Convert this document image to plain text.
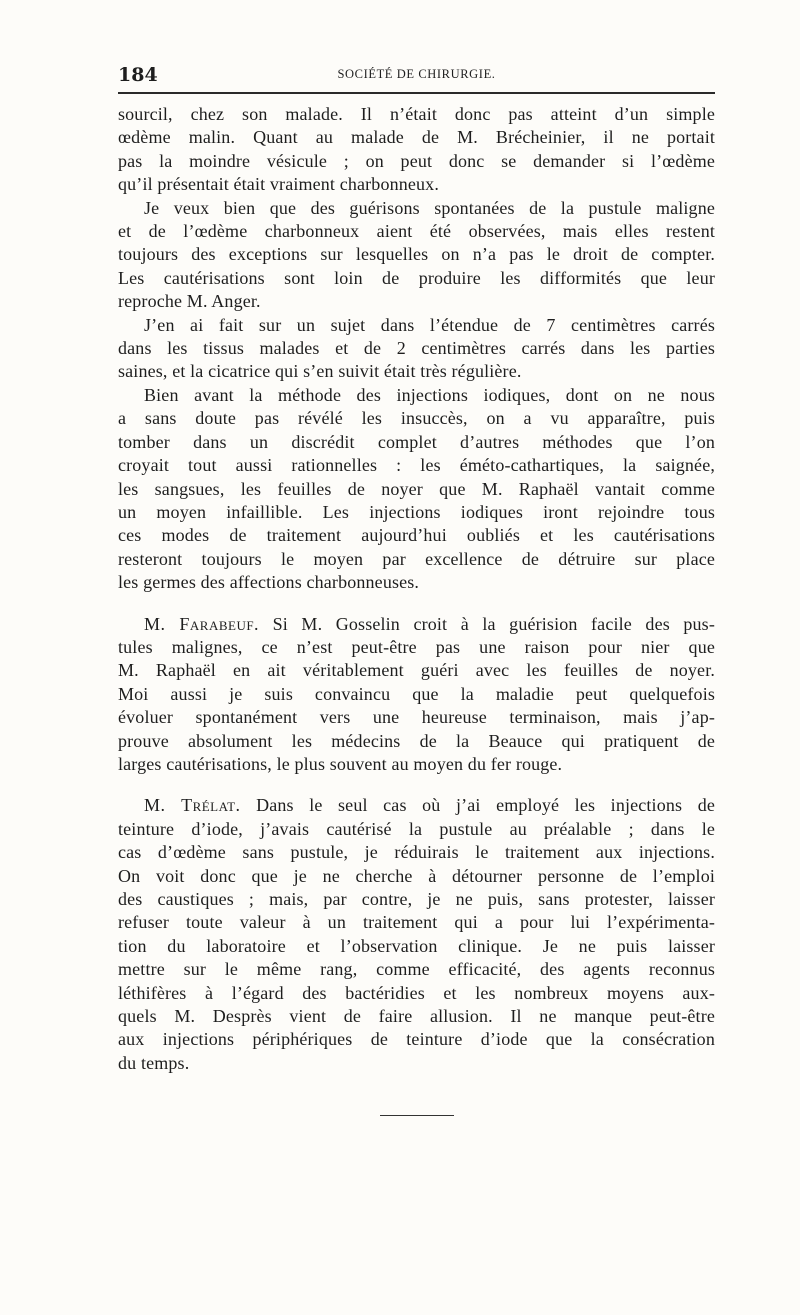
184	SOCIÉTÉ DE CHIRURGIE.

sourcil, chez son malade. Il n’était donc pas atteint d’un simple
œdème malin. Quant au malade de M. Brécheinier, il ne portait
pas la moindre vésicule ; on peut donc se demander si l’œdème
qu’il présentait était vraiment charbonneux.

Je veux bien que des guérisons spontanées de la pustule maligne
et de l’œdème charbonneux aient été observées, mais elles restent
toujours des exceptions sur lesquelles on n’a pas le droit de compter.
Les cautérisations sont loin de produire les difformités que leur
reproche M. Anger.

J’en ai fait sur un sujet dans l’étendue de 7 centimètres carrés
dans les tissus malades et de 2 centimètres carrés dans les parties
saines, et la cicatrice qui s’en suivit était très régulière.

Bien avant la méthode des injections iodiques, dont on ne nous
a sans doute pas révélé les insuccès, on a vu apparaître, puis
tomber dans un discrédit complet d’autres méthodes que l’on
croyait tout aussi rationnelles : les éméto-cathartiques, la saignée,
les sangsues, les feuilles de noyer que M. Raphaël vantait comme
un moyen infaillible. Les injections iodiques iront rejoindre tous
ces modes de traitement aujourd’hui oubliés et les cautérisations
resteront toujours le moyen par excellence de détruire sur place
les germes des affections charbonneuses.

M. Farabeuf. Si M. Gosselin croit à la guérision facile des pus-
tules malignes, ce n’est peut-être pas une raison pour nier que
M. Raphaël en ait véritablement guéri avec les feuilles de noyer.
Moi aussi je suis convaincu que la maladie peut quelquefois
évoluer spontanément vers une heureuse terminaison, mais j’ap-
prouve absolument les médecins de la Beauce qui pratiquent de
larges cautérisations, le plus souvent au moyen du fer rouge.

M. Trélat. Dans le seul cas où j’ai employé les injections de
teinture d’iode, j’avais cautérisé la pustule au préalable ; dans le
cas d’œdème sans pustule, je réduirais le traitement aux injections.
On voit donc que je ne cherche à détourner personne de l’emploi
des caustiques ; mais, par contre, je ne puis, sans protester, laisser
refuser toute valeur à un traitement qui a pour lui l’expérimenta-
tion du laboratoire et l’observation clinique. Je ne puis laisser
mettre sur le même rang, comme efficacité, des agents reconnus
léthifères à l’égard des bactéridies et les nombreux moyens aux-
quels M. Desprès vient de faire allusion. Il ne manque peut-être
aux injections périphériques de teinture d’iode que la consécration
du temps.
